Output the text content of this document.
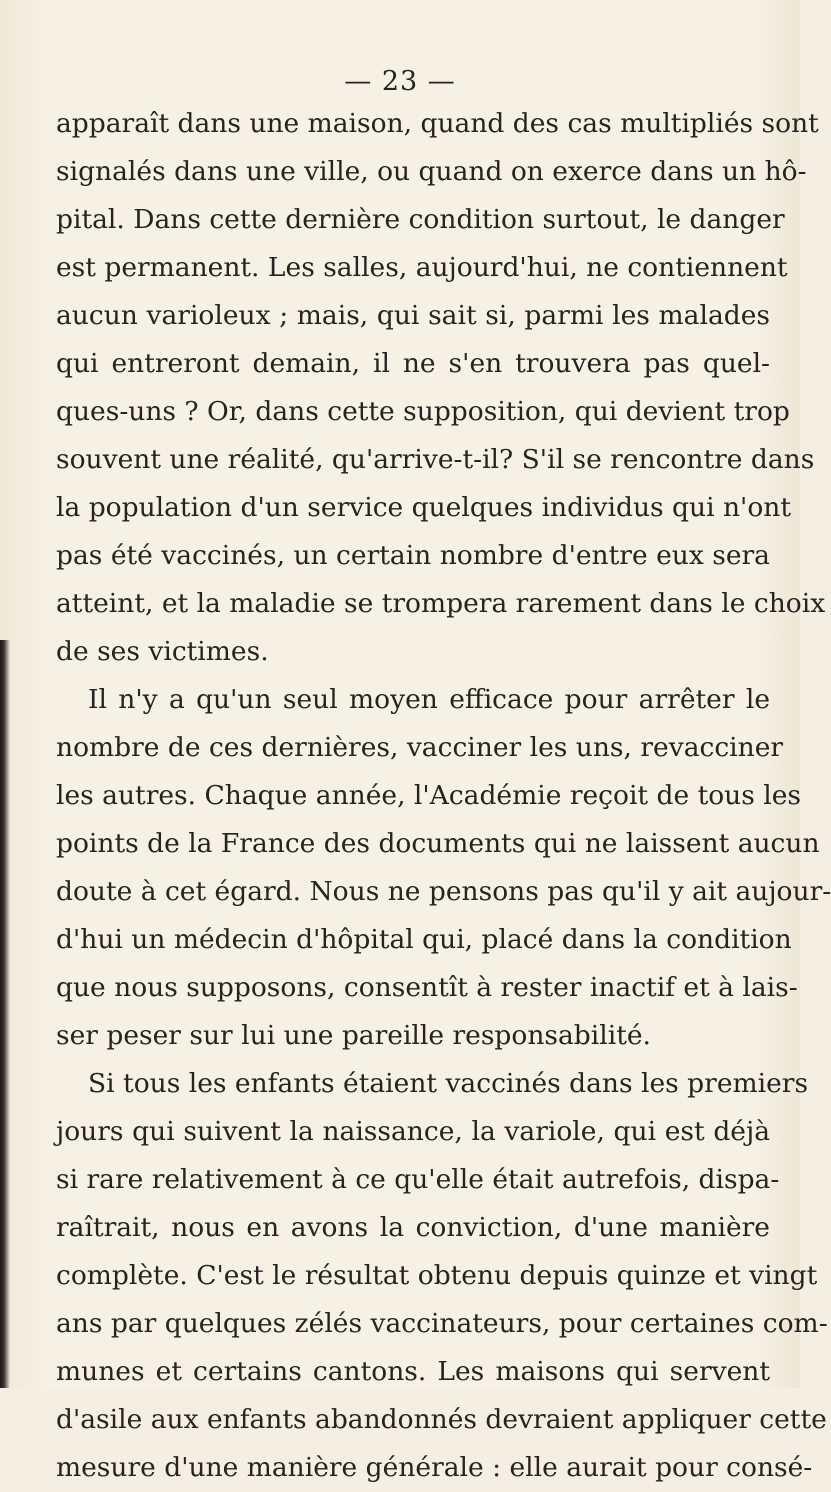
— 23 —
apparaît dans une maison, quand des cas multipliés sont
signalés dans une ville, ou quand on exerce dans un hô-
pital. Dans cette dernière condition surtout, le danger
est permanent. Les salles, aujourd'hui, ne contiennent
aucun varioleux ; mais, qui sait si, parmi les malades
qui entreront demain, il ne s'en trouvera pas quel-
ques-uns ? Or, dans cette supposition, qui devient trop
souvent une réalité, qu'arrive-t-il? S'il se rencontre dans
la population d'un service quelques individus qui n'ont
pas été vaccinés, un certain nombre d'entre eux sera
atteint, et la maladie se trompera rarement dans le choix
de ses victimes.
Il n'y a qu'un seul moyen efficace pour arrêter le
nombre de ces dernières, vacciner les uns, revacciner
les autres. Chaque année, l'Académie reçoit de tous les
points de la France des documents qui ne laissent aucun
doute à cet égard. Nous ne pensons pas qu'il y ait aujour-
d'hui un médecin d'hôpital qui, placé dans la condition
que nous supposons, consentît à rester inactif et à lais-
ser peser sur lui une pareille responsabilité.
Si tous les enfants étaient vaccinés dans les premiers
jours qui suivent la naissance, la variole, qui est déjà
si rare relativement à ce qu'elle était autrefois, dispa-
raîtrait, nous en avons la conviction, d'une manière
complète. C'est le résultat obtenu depuis quinze et vingt
ans par quelques zélés vaccinateurs, pour certaines com-
munes et certains cantons. Les maisons qui servent
d'asile aux enfants abandonnés devraient appliquer cette
mesure d'une manière générale : elle aurait pour consé-
